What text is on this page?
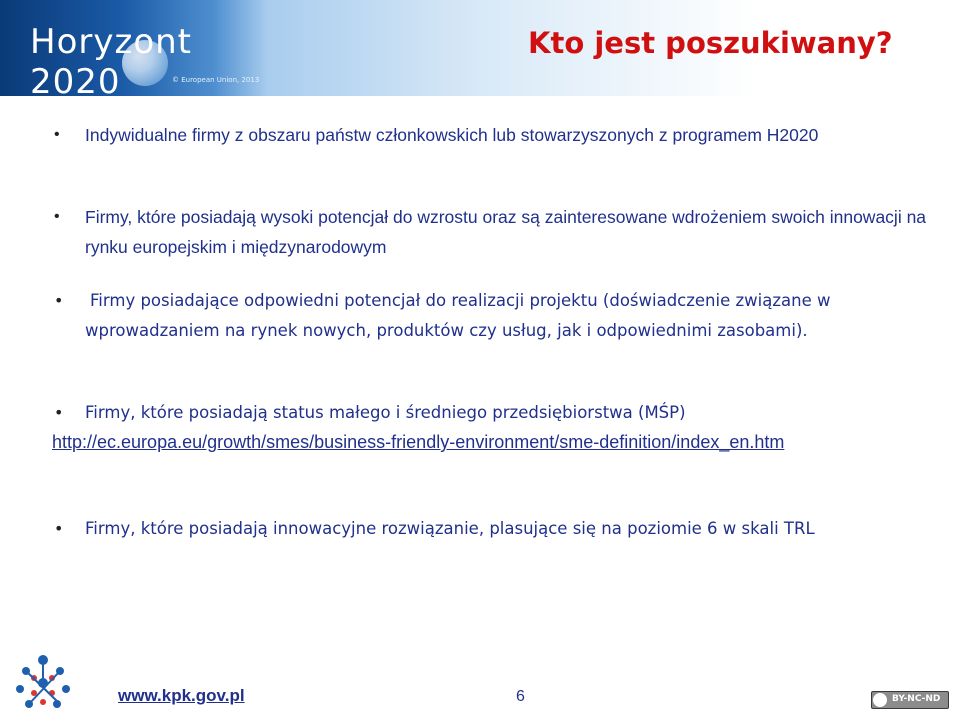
Horyzont 2020	© European Union, 2013
Kto jest poszukiwany?
• Indywidualne firmy z obszaru państw członkowskich lub stowarzyszonych z programem H2020
• Firmy, które posiadają wysoki potencjał do wzrostu oraz są zainteresowane wdrożeniem swoich innowacji na rynku europejskim i międzynarodowym
• Firmy posiadające odpowiedni potencjał do realizacji projektu (doświadczenie związane w wprowadzaniem na rynek nowych, produktów czy usług, jak i odpowiednimi zasobami).
• Firmy, które posiadają status małego i średniego przedsiębiorstwa (MŚP)
http://ec.europa.eu/growth/smes/business-friendly-environment/sme-definition/index_en.htm
• Firmy, które posiadają innowacyjne rozwiązanie, plasujące się na poziomie 6 w skali TRL
www.kpk.gov.pl	6	BY-NC-ND
